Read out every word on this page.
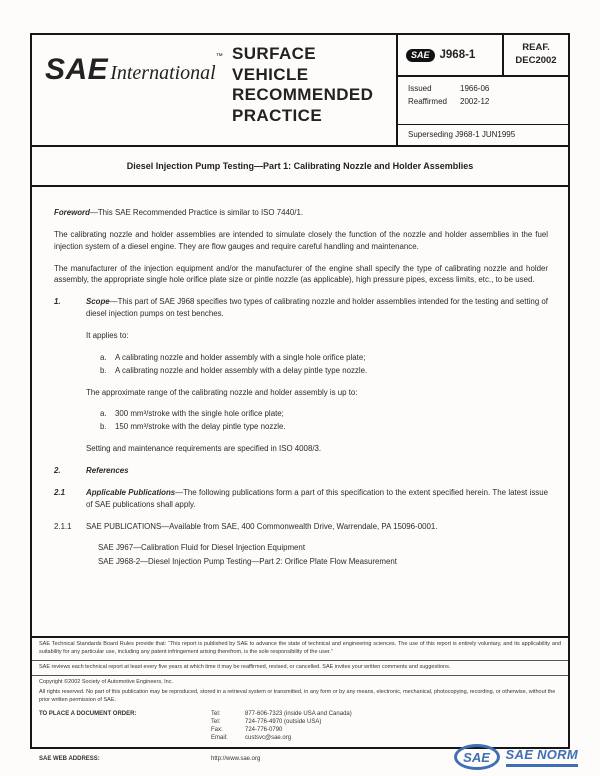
SAE International™ SURFACE
VEHICLE
RECOMMENDED
PRACTICE
SAE J968-1
REAF.
DEC2002
Issued	1966-06
Reaffirmed	2002-12
Superseding J968-1 JUN1995
Diesel Injection Pump Testing—Part 1: Calibrating Nozzle and Holder Assemblies

Foreword—This SAE Recommended Practice is similar to ISO 7440/1.

The calibrating nozzle and holder assemblies are intended to simulate closely the function of the nozzle and holder assemblies in the fuel injection system of a diesel engine. They are flow gauges and require careful handling and maintenance.

The manufacturer of the injection equipment and/or the manufacturer of the engine shall specify the type of calibrating nozzle and holder assembly, the appropriate single hole orifice plate size or pintle nozzle (as applicable), high pressure pipes, excess limits, etc., to be used.

1.	Scope—This part of SAE J968 specifies two types of calibrating nozzle and holder assemblies intended for the testing and setting of diesel injection pumps on test benches.

It applies to:

a.	A calibrating nozzle and holder assembly with a single hole orifice plate;
b.	A calibrating nozzle and holder assembly with a delay pintle type nozzle.

The approximate range of the calibrating nozzle and holder assembly is up to:

a.	300 mm³/stroke with the single hole orifice plate;
b.	150 mm³/stroke with the delay pintle type nozzle.

Setting and maintenance requirements are specified in ISO 4008/3.

2.	References
2.1	Applicable Publications—The following publications form a part of this specification to the extent specified herein. The latest issue of SAE publications shall apply.
2.1.1	SAE PUBLICATIONS—Available from SAE, 400 Commonwealth Drive, Warrendale, PA 15096-0001.
SAE J967—Calibration Fluid for Diesel Injection Equipment
SAE J968-2—Diesel Injection Pump Testing—Part 2: Orifice Plate Flow Measurement
SAE Technical Standards Board Rules provide that: “This report is published by SAE to advance the state of technical and engineering sciences. The use of this report is entirely voluntary, and its applicability and suitability for any particular use, including any patent infringement arising therefrom, is the sole responsibility of the user.”
SAE reviews each technical report at least every five years at which time it may be reaffirmed, revised, or cancelled. SAE invites your written comments and suggestions.
Copyright ©2002 Society of Automotive Engineers, Inc.
All rights reserved. No part of this publication may be reproduced, stored in a retrieval system or transmitted, in any form or by any means, electronic, mechanical, photocopying, recording, or otherwise, without the prior written permission of SAE.
TO PLACE A DOCUMENT ORDER:	Tel:	877-606-7323 (inside USA and Canada)
Tel:	724-776-4970 (outside USA)
Fax:	724-776-0790
Email:	custsvc@sae.org
SAE WEB ADDRESS:	http://www.sae.org	SAE	SAE NORM
